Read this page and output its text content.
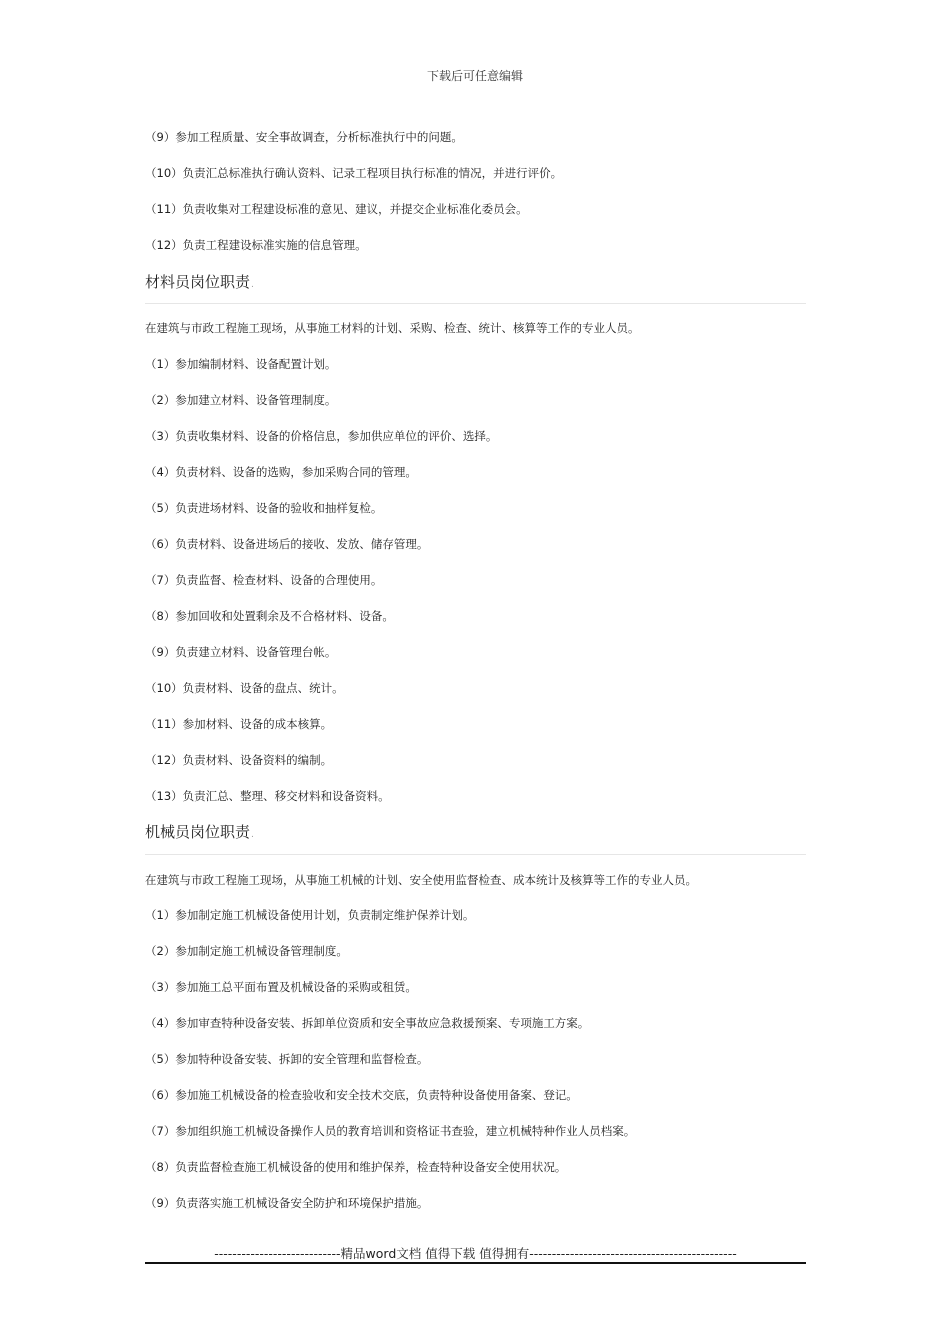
下载后可任意编辑
（9）参加工程质量、安全事故调查，分析标准执行中的问题。
（10）负责汇总标准执行确认资料、记录工程项目执行标准的情况，并进行评价。
（11）负责收集对工程建设标准的意见、建议，并提交企业标准化委员会。
（12）负责工程建设标准实施的信息管理。
材料员岗位职责.
在建筑与市政工程施工现场，从事施工材料的计划、采购、检查、统计、核算等工作的专业人员。
（1）参加编制材料、设备配置计划。
（2）参加建立材料、设备管理制度。
（3）负责收集材料、设备的价格信息，参加供应单位的评价、选择。
（4）负责材料、设备的选购，参加采购合同的管理。
（5）负责进场材料、设备的验收和抽样复检。
（6）负责材料、设备进场后的接收、发放、储存管理。
（7）负责监督、检查材料、设备的合理使用。
（8）参加回收和处置剩余及不合格材料、设备。
（9）负责建立材料、设备管理台帐。
（10）负责材料、设备的盘点、统计。
（11）参加材料、设备的成本核算。
（12）负责材料、设备资料的编制。
（13）负责汇总、整理、移交材料和设备资料。
机械员岗位职责.
在建筑与市政工程施工现场，从事施工机械的计划、安全使用监督检查、成本统计及核算等工作的专业人员。
（1）参加制定施工机械设备使用计划，负责制定维护保养计划。
（2）参加制定施工机械设备管理制度。
（3）参加施工总平面布置及机械设备的采购或租赁。
（4）参加审查特种设备安装、拆卸单位资质和安全事故应急救援预案、专项施工方案。
（5）参加特种设备安装、拆卸的安全管理和监督检查。
（6）参加施工机械设备的检查验收和安全技术交底，负责特种设备使用备案、登记。
（7）参加组织施工机械设备操作人员的教育培训和资格证书查验，建立机械特种作业人员档案。
（8）负责监督检查施工机械设备的使用和维护保养，检查特种设备安全使用状况。
（9）负责落实施工机械设备安全防护和环境保护措施。
----------------------------精品word文档 值得下载 值得拥有----------------------------------------------
